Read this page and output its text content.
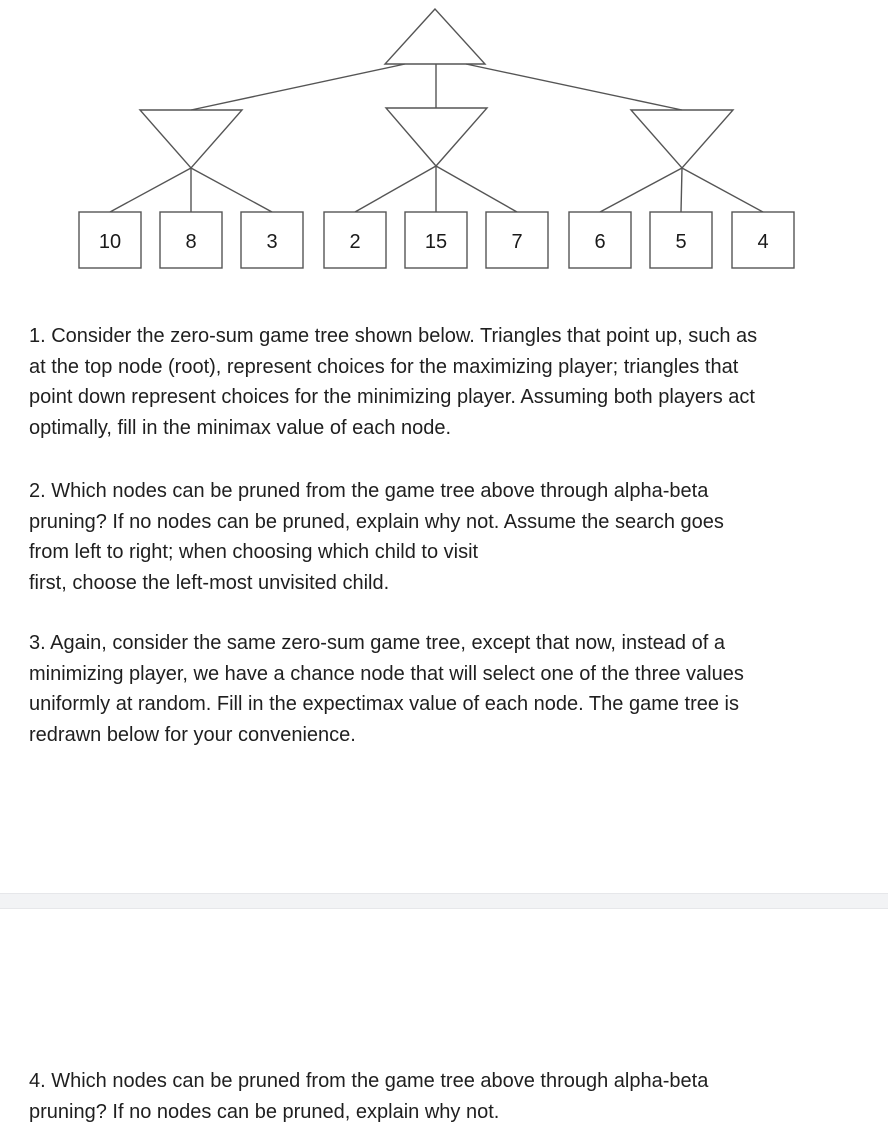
10	8	3	2	15	7	6	5	4

1. Consider the zero-sum game tree shown below. Triangles that point up, such as
at the top node (root), represent choices for the maximizing player; triangles that
point down represent choices for the minimizing player. Assuming both players act
optimally, fill in the minimax value of each node.

2. Which nodes can be pruned from the game tree above through alpha-beta
pruning? If no nodes can be pruned, explain why not. Assume the search goes
from left to right; when choosing which child to visit
first, choose the left-most unvisited child.

3. Again, consider the same zero-sum game tree, except that now, instead of a
minimizing player, we have a chance node that will select one of the three values
uniformly at random. Fill in the expectimax value of each node. The game tree is
redrawn below for your convenience.

4. Which nodes can be pruned from the game tree above through alpha-beta
pruning? If no nodes can be pruned, explain why not.
